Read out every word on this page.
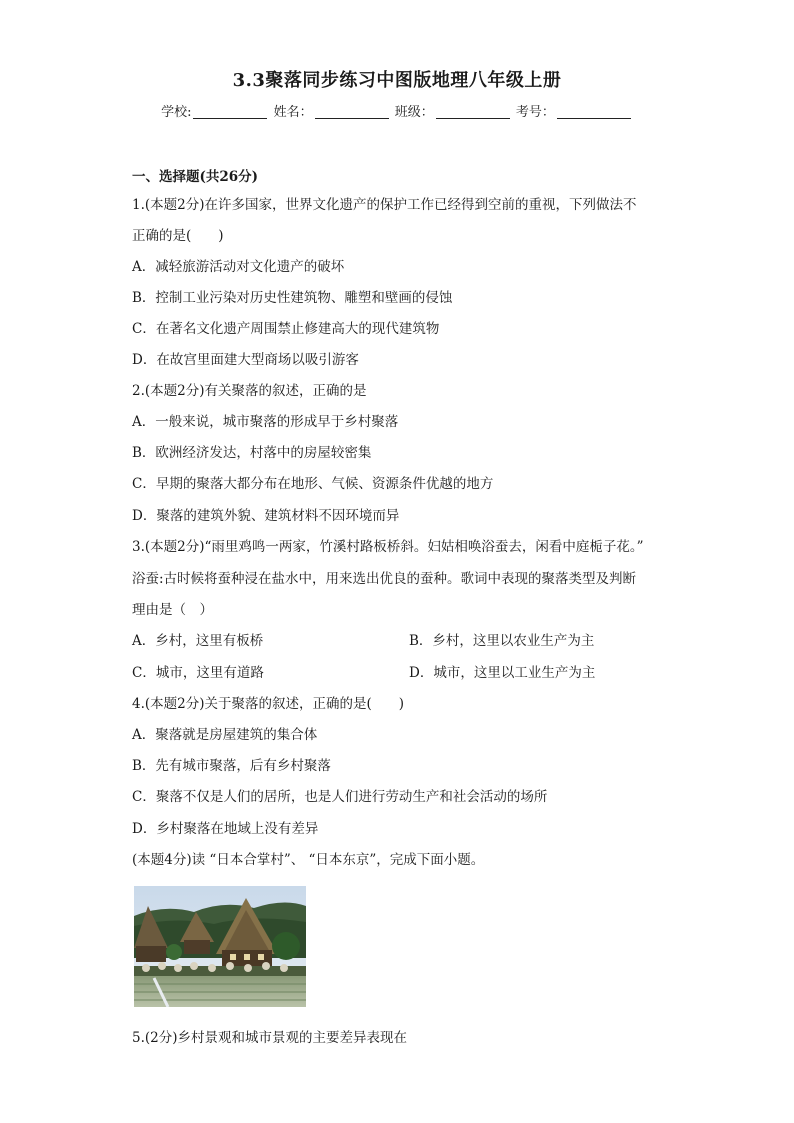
3.3聚落同步练习中图版地理八年级上册
学校:	姓名：	班级：	考号：
一、选择题(共26分)
1.(本题2分)在许多国家，世界文化遗产的保护工作已经得到空前的重视，下列做法不
正确的是(　　)
A．减轻旅游活动对文化遗产的破坏
B．控制工业污染对历史性建筑物、雕塑和壁画的侵蚀
C．在著名文化遗产周围禁止修建高大的现代建筑物
D．在故宫里面建大型商场以吸引游客
2.(本题2分)有关聚落的叙述，正确的是
A．一般来说，城市聚落的形成早于乡村聚落
B．欧洲经济发达，村落中的房屋较密集
C．早期的聚落大都分布在地形、气候、资源条件优越的地方
D．聚落的建筑外貌、建筑材料不因环境而异
3.(本题2分)“雨里鸡鸣一两家，竹溪村路板桥斜。妇姑相唤浴蚕去，闲看中庭栀子花。”
浴蚕:古时候将蚕种浸在盐水中，用来选出优良的蚕种。歌词中表现的聚落类型及判断
理由是（　）
A．乡村，这里有板桥	B．乡村，这里以农业生产为主
C．城市，这里有道路	D．城市，这里以工业生产为主
4.(本题2分)关于聚落的叙述，正确的是(　　)
A．聚落就是房屋建筑的集合体
B．先有城市聚落，后有乡村聚落
C．聚落不仅是人们的居所，也是人们进行劳动生产和社会活动的场所
D．乡村聚落在地域上没有差异
(本题4分)读 “日本合掌村”、 “日本东京”，完成下面小题。
5.(2分)乡村景观和城市景观的主要差异表现在
